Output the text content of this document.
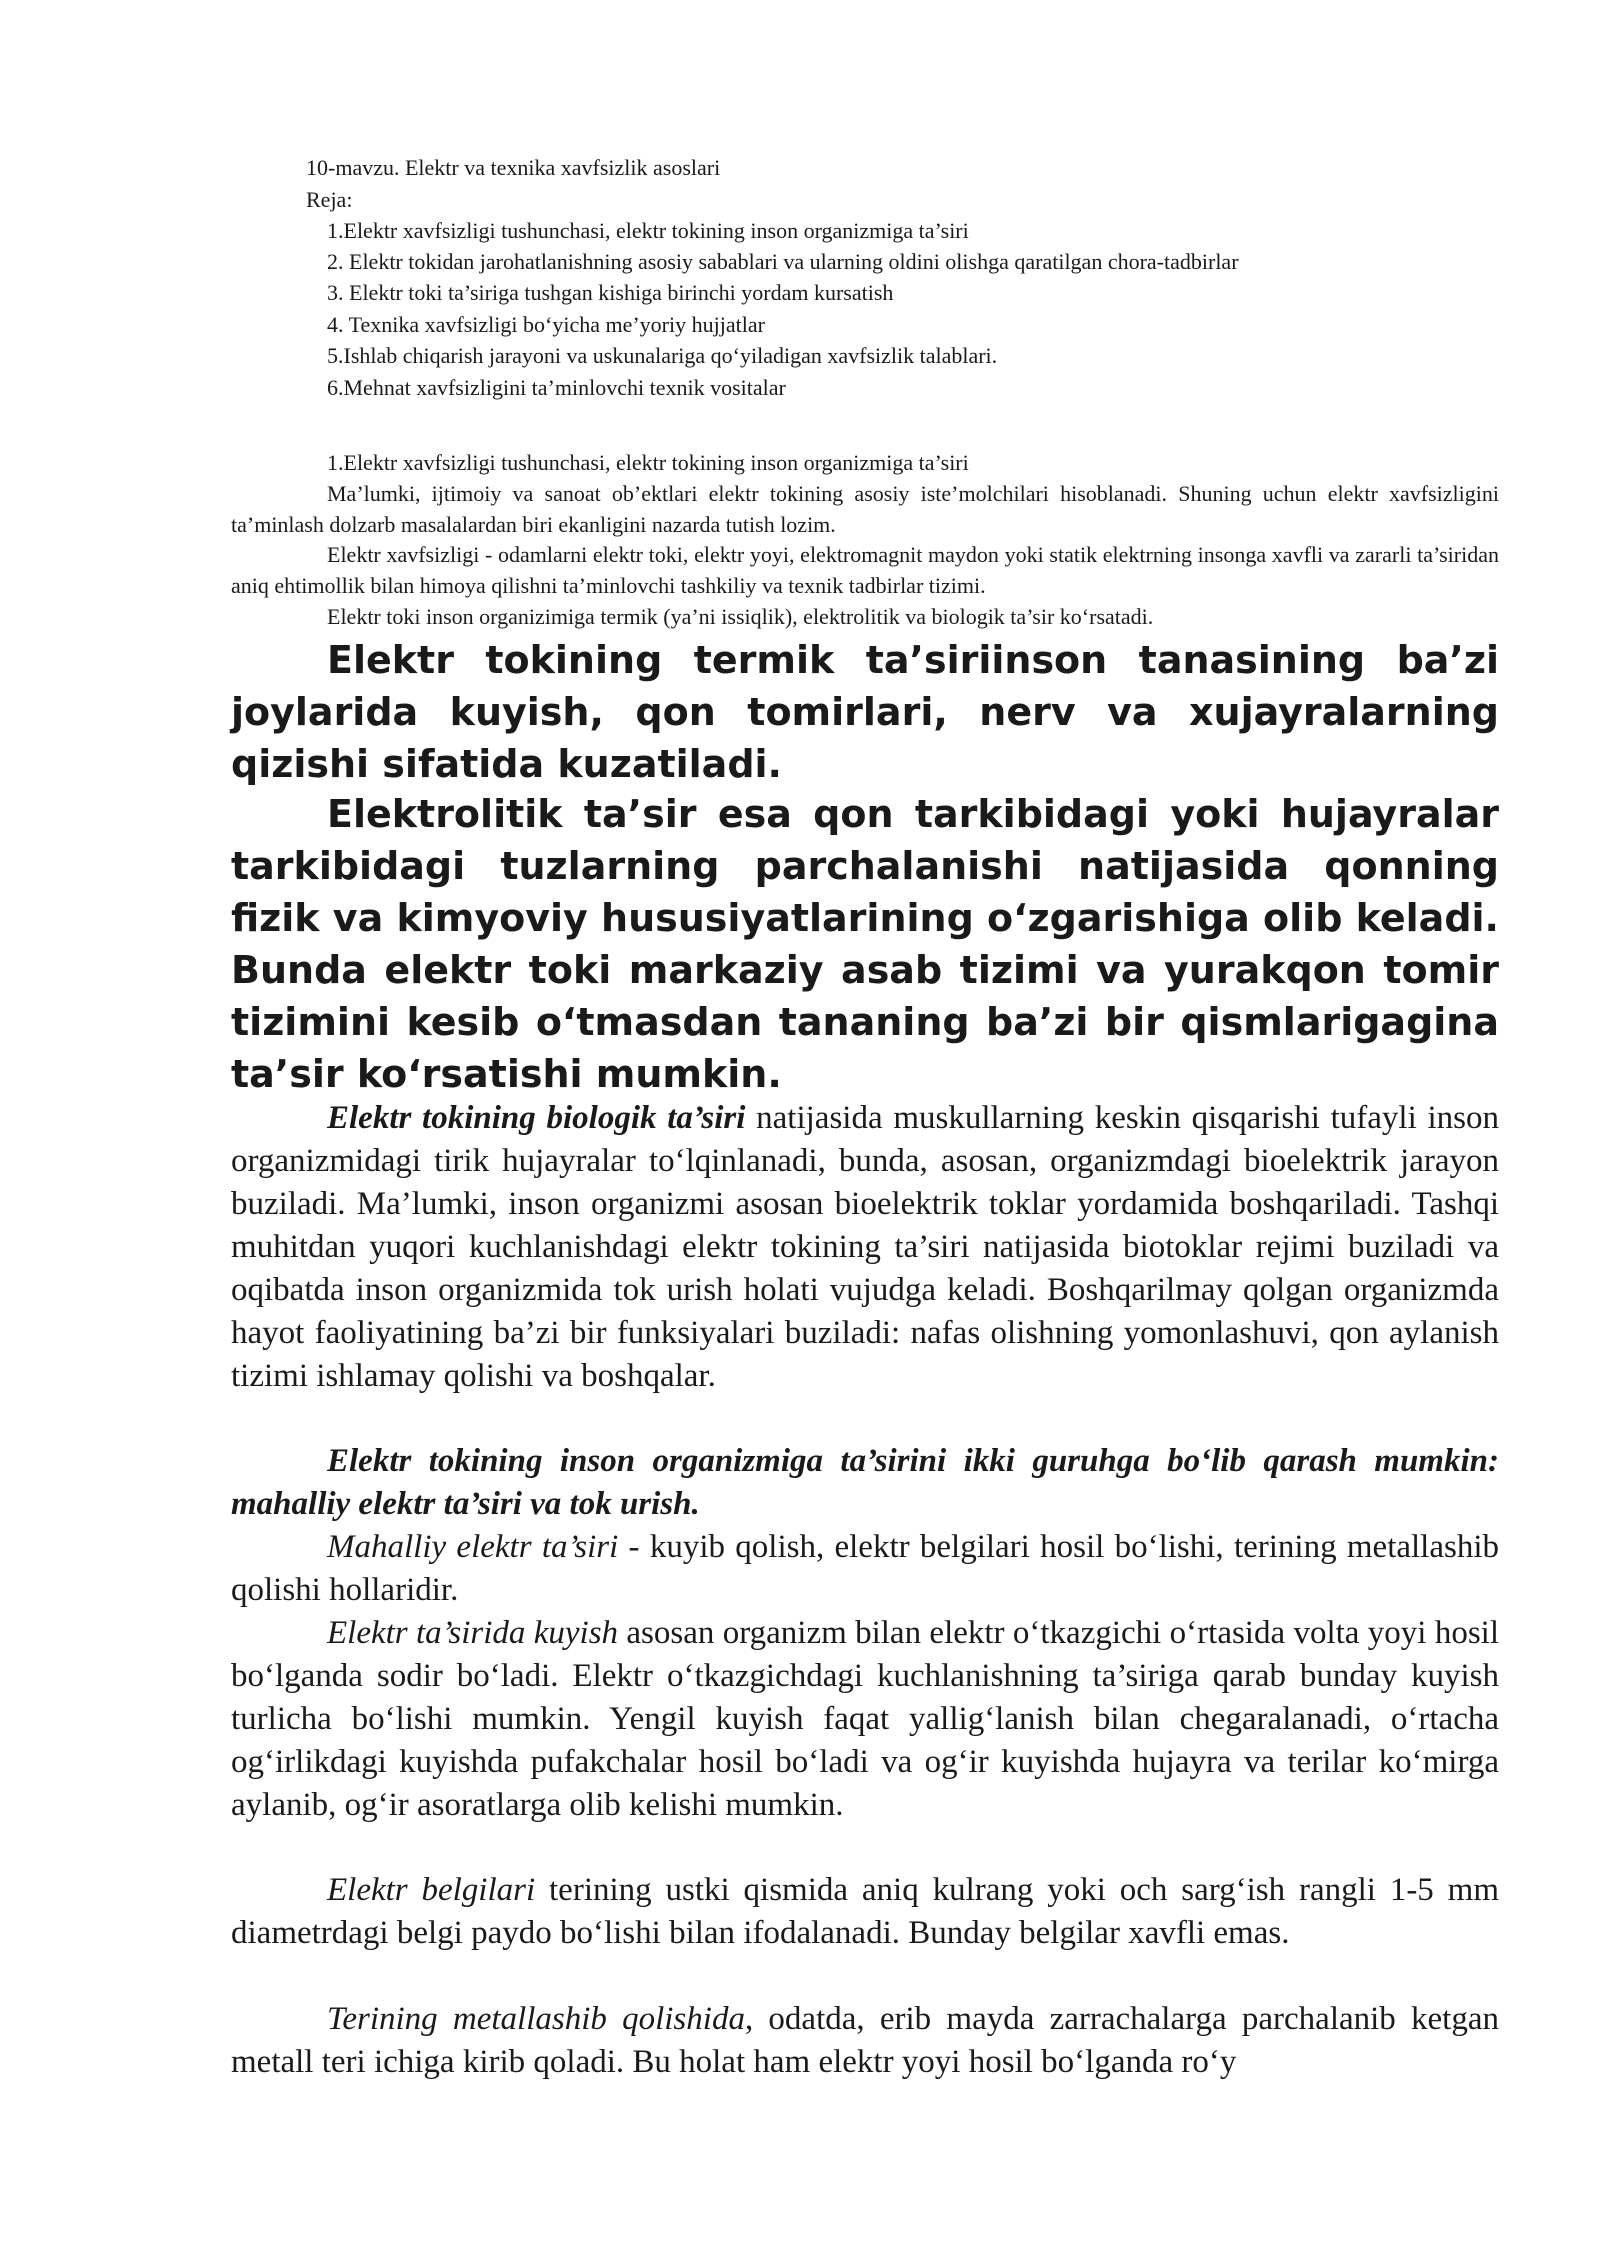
10-mavzu. Elektr va texnika xavfsizlik asoslari
Reja:
1.Elektr xavfsizligi tushunchasi, elektr tokining inson organizmiga ta’siri
2. Elektr tokidan jarohatlanishning asosiy sabablari va ularning oldini olishga qaratilgan chora-tadbirlar
3. Elektr toki ta’siriga tushgan kishiga birinchi yordam kursatish
4. Texnika xavfsizligi bo‘yicha me’yoriy hujjatlar
5.Ishlab chiqarish jarayoni va uskunalariga qo‘yiladigan xavfsizlik talablari.
6.Mehnat xavfsizligini ta’minlovchi texnik vositalar
1.Elektr xavfsizligi tushunchasi, elektr tokining inson organizmiga ta’siri
Ma’lumki, ijtimoiy va sanoat ob’ektlari elektr tokining asosiy iste’molchilari hisoblanadi. Shuning uchun elektr xavfsizligini ta’minlash dolzarb masalalardan biri ekanligini nazarda tutish lozim.
Elektr xavfsizligi - odamlarni elektr toki, elektr yoyi, elektromagnit maydon yoki statik elektrning insonga xavfli va zararli ta’siridan aniq ehtimollik bilan himoya qilishni ta’minlovchi tashkiliy va texnik tadbirlar tizimi.
Elektr toki inson organizimiga termik (ya’ni issiqlik), elektrolitik va biologik ta’sir ko‘rsatadi.
Elektr tokining termik ta’siriinson tanasining ba’zi joylarida kuyish, qon tomirlari, nerv va xujayralarning qizishi sifatida kuzatiladi.
Elektrolitik ta’sir esa qon tarkibidagi yoki hujayralar tarkibidagi tuzlarning parchalanishi natijasida qonning fizik va kimyoviy hususiyatlarining o‘zgarishiga olib keladi. Bunda elektr toki markaziy asab tizimi va yurakqon tomir tizimini kesib o‘tmasdan tananing ba’zi bir qismlarigagina ta’sir ko‘rsatishi mumkin.
Elektr tokining biologik ta’siri natijasida muskullarning keskin qisqarishi tufayli inson organizmidagi tirik hujayralar to‘lqinlanadi, bunda, asosan, organizmdagi bioelektrik jarayon buziladi. Ma’lumki, inson organizmi asosan bioelektrik toklar yordamida boshqariladi. Tashqi muhitdan yuqori kuchlanishdagi elektr tokining ta’siri natijasida biotoklar rejimi buziladi va oqibatda inson organizmida tok urish holati vujudga keladi. Boshqarilmay qolgan organizmda hayot faoliyatining ba’zi bir funksiyalari buziladi: nafas olishning yomonlashuvi, qon aylanish tizimi ishlamay qolishi va boshqalar.
Elektr tokining inson organizmiga ta’sirini ikki guruhga bo‘lib qarash mumkin: mahalliy elektr ta’siri va tok urish.
Mahalliy elektr ta’siri - kuyib qolish, elektr belgilari hosil bo‘lishi, terining metallashib qolishi hollaridir.
Elektr ta’sirida kuyish asosan organizm bilan elektr o‘tkazgichi o‘rtasida volta yoyi hosil bo‘lganda sodir bo‘ladi. Elektr o‘tkazgichdagi kuchlanishning ta’siriga qarab bunday kuyish turlicha bo‘lishi mumkin. Yengil kuyish faqat yallig‘lanish bilan chegaralanadi, o‘rtacha og‘irlikdagi kuyishda pufakchalar hosil bo‘ladi va og‘ir kuyishda hujayra va terilar ko‘mirga aylanib, og‘ir asoratlarga olib kelishi mumkin.
Elektr belgilari terining ustki qismida aniq kulrang yoki och sarg‘ish rangli 1-5 mm diametrdagi belgi paydo bo‘lishi bilan ifodalanadi. Bunday belgilar xavfli emas.
Terining metallashib qolishida, odatda, erib mayda zarrachalarga parchalanib ketgan metall teri ichiga kirib qoladi. Bu holat ham elektr yoyi hosil bo‘lganda ro‘y
